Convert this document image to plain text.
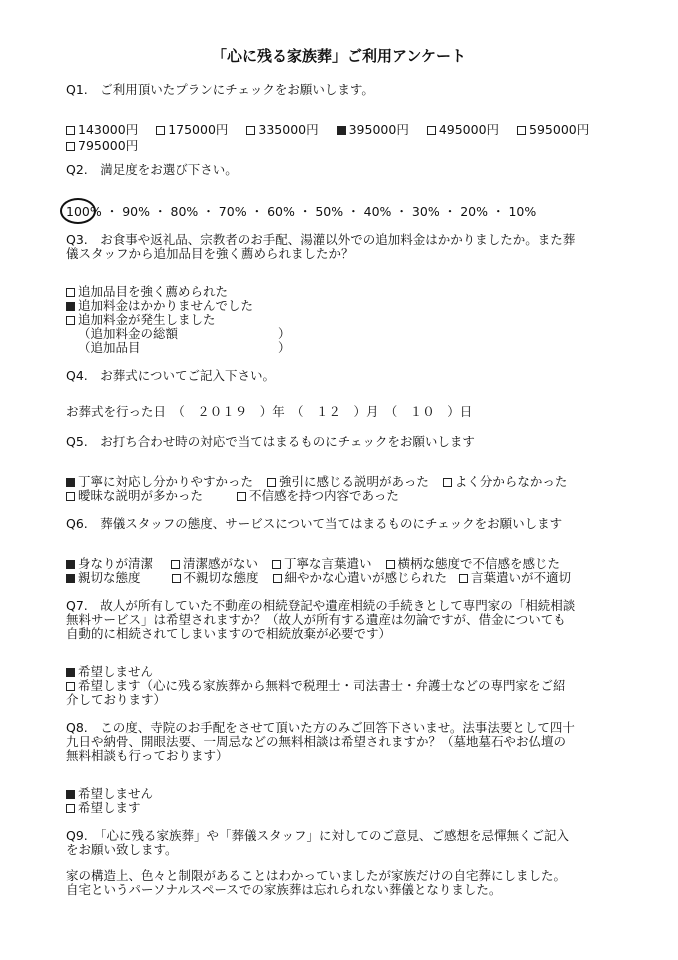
「心に残る家族葬」ご利用アンケート
Q1.　ご利用頂いたプランにチェックをお願いします。
143000円 175000円 335000円 395000円 495000円 595000円
795000円
Q2.　満足度をお選び下さい。
100% ・ 90% ・ 80% ・ 70% ・ 60% ・ 50% ・ 40% ・ 30% ・ 20% ・ 10%
Q3.　お食事や返礼品、宗教者のお手配、湯灌以外での追加料金はかかりましたか。また葬
儀スタッフから追加品目を強く薦められましたか？
追加品目を強く薦められた
追加料金はかかりませんでした
追加料金が発生しました
（追加料金の総額　　　　　　　　）
（追加品目　　　　　　　　　　　）
Q4.　お葬式についてご記入下さい。
お葬式を行った日　（　２０１９　）年　（　１２　）月　（　１０　）日
Q5.　お打ち合わせ時の対応で当てはまるものにチェックをお願いします
丁寧に対応し分かりやすかった 強引に感じる説明があった よく分からなかった
曖昧な説明が多かった	不信感を持つ内容であった
Q6.　葬儀スタッフの態度、サービスについて当てはまるものにチェックをお願いします
身なりが清潔 清潔感がない 丁寧な言葉遣い 横柄な態度で不信感を感じた
親切な態度	不親切な態度 細やかな心遣いが感じられた 言葉遣いが不適切
Q7.　故人が所有していた不動産の相続登記や遺産相続の手続きとして専門家の「相続相談
無料サービス」は希望されますか？（故人が所有する遺産は勿論ですが、借金についても
自動的に相続されてしまいますので相続放棄が必要です）
希望しません
希望します（心に残る家族葬から無料で税理士・司法書士・弁護士などの専門家をご紹
介しております）
Q8.　この度、寺院のお手配をさせて頂いた方のみご回答下さいませ。法事法要として四十
九日や納骨、開眼法要、一周忌などの無料相談は希望されますか？（墓地墓石やお仏壇の
無料相談も行っております）
希望しません
希望します
Q9.　「心に残る家族葬」や「葬儀スタッフ」に対してのご意見、ご感想を忌憚無くご記入
をお願い致します。
家の構造上、色々と制限があることはわかっていましたが家族だけの自宅葬にしました。
自宅というパーソナルスペースでの家族葬は忘れられない葬儀となりました。
